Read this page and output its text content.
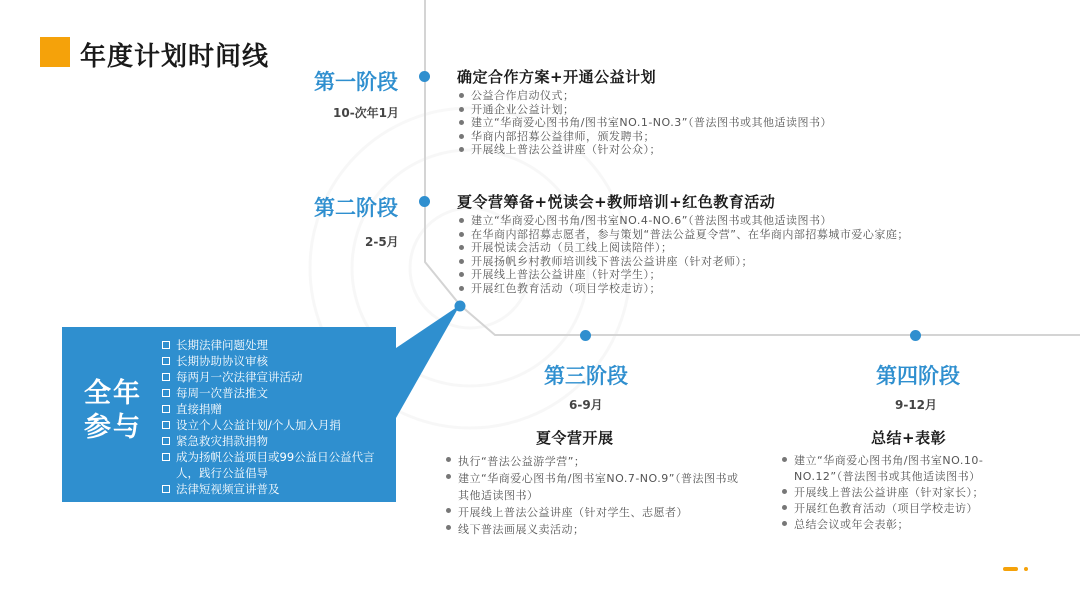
年度计划时间线
第一阶段
10-次年1月
确定合作方案+开通公益计划
公益合作启动仪式；
开通企业公益计划；
建立“华商爱心图书角/图书室NO.1-NO.3”（普法图书或其他适读图书）
华商内部招募公益律师，颁发聘书；
开展线上普法公益讲座（针对公众）；
第二阶段
2-5月
夏令营筹备+悦读会+教师培训+红色教育活动
建立“华商爱心图书角/图书室NO.4-NO.6”（普法图书或其他适读图书）
在华商内部招募志愿者，参与策划“普法公益夏令营”、在华商内部招募城市爱心家庭；
开展悦读会活动（员工线上阅读陪伴）；
开展扬帆乡村教师培训线下普法公益讲座（针对老师）；
开展线上普法公益讲座（针对学生）；
开展红色教育活动（项目学校走访）；
全年
参与
长期法律问题处理
长期协助协议审核
每两月一次法律宣讲活动
每周一次普法推文
直接捐赠
设立个人公益计划/个人加入月捐
紧急救灾捐款捐物
成为扬帆公益项目或99公益日公益代言人，践行公益倡导
法律短视频宣讲普及
第三阶段
6-9月
夏令营开展
执行“普法公益游学营”；
建立“华商爱心图书角/图书室NO.7-NO.9”（普法图书或其他适读图书）
开展线上普法公益讲座（针对学生、志愿者）
线下普法画展义卖活动；
第四阶段
9-12月
总结+表彰
建立“华商爱心图书角/图书室NO.10-NO.12”（普法图书或其他适读图书）
开展线上普法公益讲座（针对家长）；
开展红色教育活动（项目学校走访）
总结会议或年会表彰；
